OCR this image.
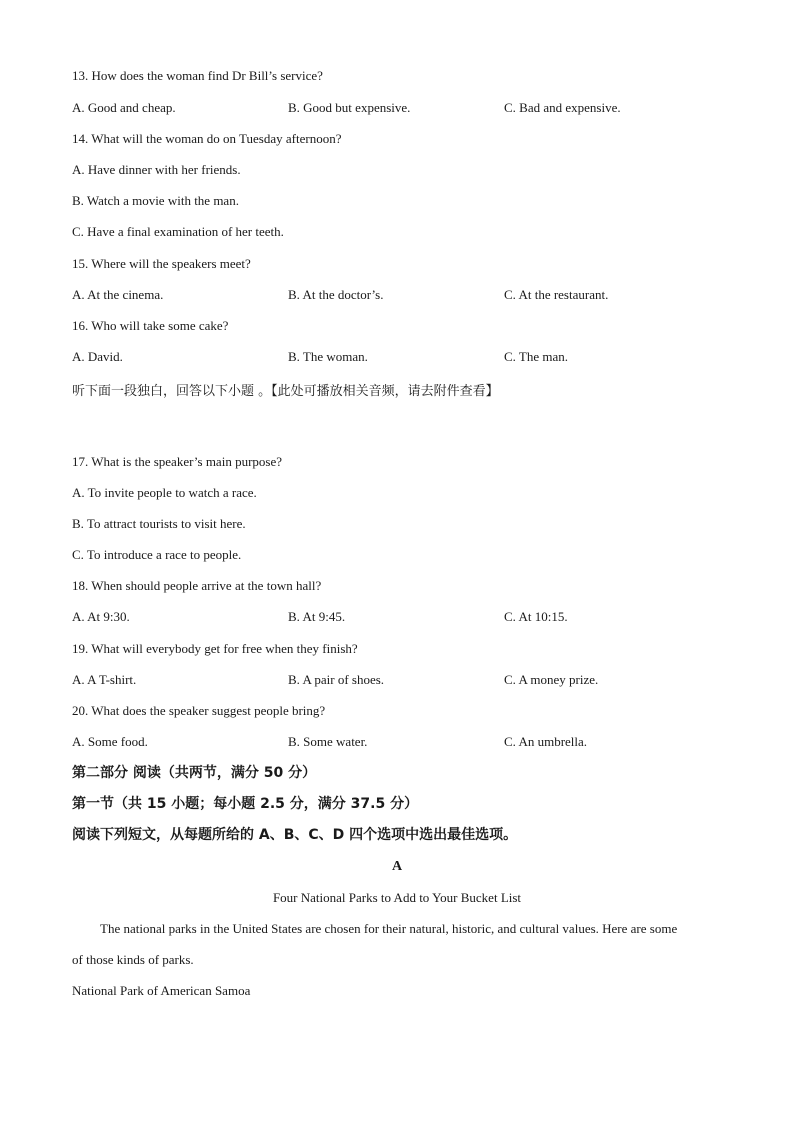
13. How does the woman find Dr Bill’s service?
A. Good and cheap.	B. Good but expensive.	C. Bad and expensive.
14. What will the woman do on Tuesday afternoon?
A. Have dinner with her friends.
B. Watch a movie with the man.
C. Have a final examination of her teeth.
15. Where will the speakers meet?
A. At the cinema.	B. At the doctor’s.	C. At the restaurant.
16. Who will take some cake?
A. David.	B. The woman.	C. The man.
听下面一段独白，回答以下小题 。【此处可播放相关音频，请去附件查看】
17. What is the speaker’s main purpose?
A. To invite people to watch a race.
B. To attract tourists to visit here.
C. To introduce a race to people.
18. When should people arrive at the town hall?
A. At 9:30.	B. At 9:45.	C. At 10:15.
19. What will everybody get for free when they finish?
A. A T-shirt.	B. A pair of shoes.	C. A money prize.
20. What does the speaker suggest people bring?
A. Some food.	B. Some water.	C. An umbrella.
第二部分 阅读（共两节，满分 50 分）
第一节（共 15 小题；每小题 2.5 分，满分 37.5 分）
阅读下列短文，从每题所给的 A、B、C、D 四个选项中选出最佳选项。
A
Four National Parks to Add to Your Bucket List
The national parks in the United States are chosen for their natural, historic, and cultural values. Here are some
of those kinds of parks.
National Park of American Samoa
